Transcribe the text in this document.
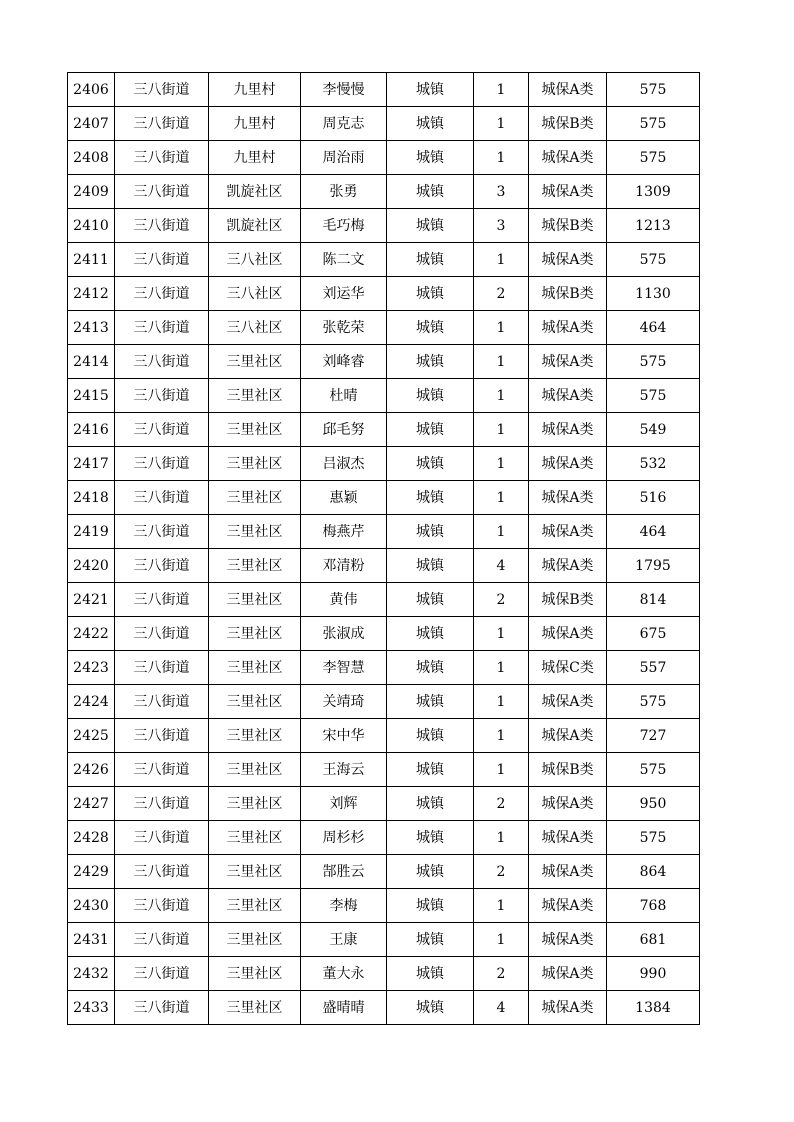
2406	三八街道	九里村	李慢慢	城镇	1	城保A类	575
2407	三八街道	九里村	周克志	城镇	1	城保B类	575
2408	三八街道	九里村	周治雨	城镇	1	城保A类	575
2409	三八街道	凯旋社区	张勇	城镇	3	城保A类	1309
2410	三八街道	凯旋社区	毛巧梅	城镇	3	城保B类	1213
2411	三八街道	三八社区	陈二文	城镇	1	城保A类	575
2412	三八街道	三八社区	刘运华	城镇	2	城保B类	1130
2413	三八街道	三八社区	张乾荣	城镇	1	城保A类	464
2414	三八街道	三里社区	刘峰睿	城镇	1	城保A类	575
2415	三八街道	三里社区	杜晴	城镇	1	城保A类	575
2416	三八街道	三里社区	邱毛努	城镇	1	城保A类	549
2417	三八街道	三里社区	吕淑杰	城镇	1	城保A类	532
2418	三八街道	三里社区	惠颖	城镇	1	城保A类	516
2419	三八街道	三里社区	梅燕芹	城镇	1	城保A类	464
2420	三八街道	三里社区	邓清粉	城镇	4	城保A类	1795
2421	三八街道	三里社区	黄伟	城镇	2	城保B类	814
2422	三八街道	三里社区	张淑成	城镇	1	城保A类	675
2423	三八街道	三里社区	李智慧	城镇	1	城保C类	557
2424	三八街道	三里社区	关靖琦	城镇	1	城保A类	575
2425	三八街道	三里社区	宋中华	城镇	1	城保A类	727
2426	三八街道	三里社区	王海云	城镇	1	城保B类	575
2427	三八街道	三里社区	刘辉	城镇	2	城保A类	950
2428	三八街道	三里社区	周杉杉	城镇	1	城保A类	575
2429	三八街道	三里社区	郜胜云	城镇	2	城保A类	864
2430	三八街道	三里社区	李梅	城镇	1	城保A类	768
2431	三八街道	三里社区	王康	城镇	1	城保A类	681
2432	三八街道	三里社区	董大永	城镇	2	城保A类	990
2433	三八街道	三里社区	盛晴晴	城镇	4	城保A类	1384
